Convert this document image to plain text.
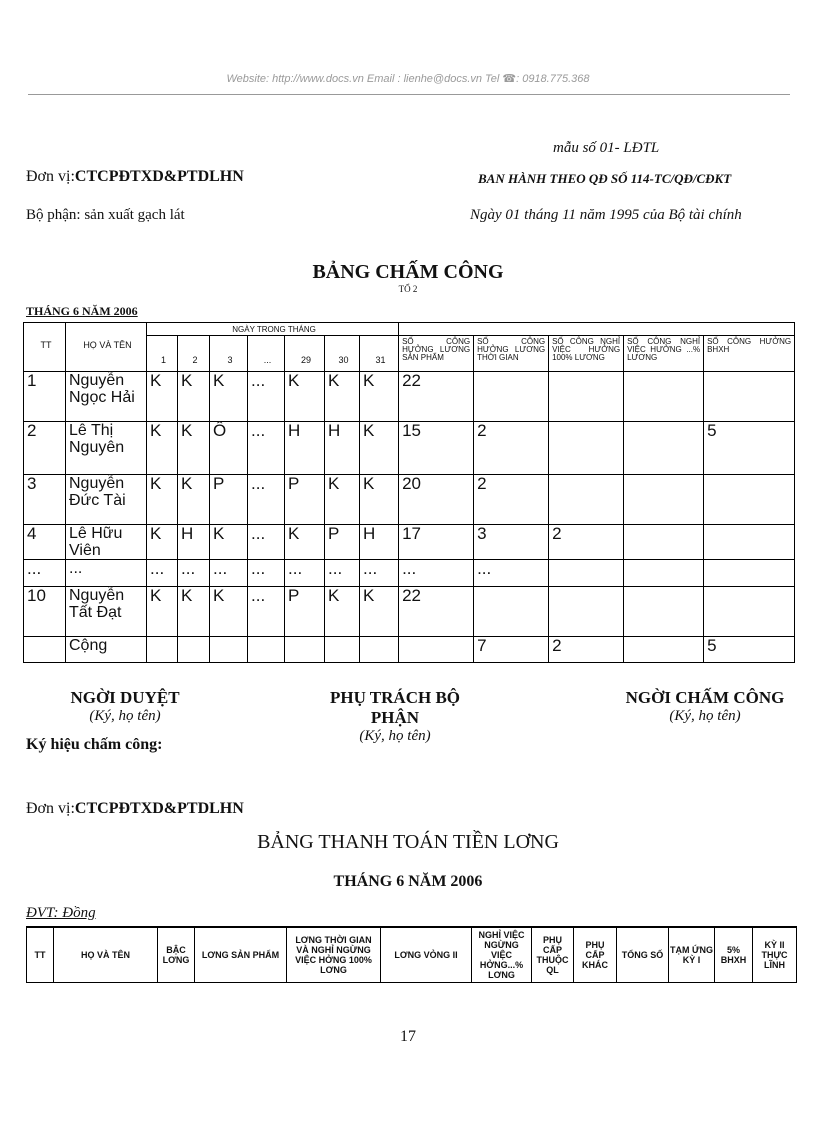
Website: http://www.docs.vn Email : lienhe@docs.vn Tel ☎: 0918.775.368
mẫu số 01- LĐTL
BAN HÀNH THEO QĐ SỐ 114-TC/QĐ/CĐKT
Ngày 01 tháng 11 năm 1995 của Bộ tài chính
Đơn vị:CTCPĐTXD&PTDLHN
Bộ phận: sản xuất gạch lát
BẢNG CHẤM CÔNG
TỔ 2
THÁNG 6 NĂM 2006
TT	HỌ VÀ TÊN	NGÀY TRONG THÁNG											
		1	2	3	...	29	30	31	SỐ CÔNG HƯỞNG LƯƠNG SẢN PHẨM	SỐ CÔNG HƯỞNG LƯƠNG THỜI GIAN	SỐ CÔNG NGHỈ VIỆC HƯỞNG 100% LƯƠNG	SỐ CÔNG NGHỈ VIỆC HƯỞNG ...% LƯƠNG	SỐ CÔNG HƯỞNG BHXH
1	Nguyễn Ngọc Hải	K	K	K	...	K	K	K	22				
2	Lê Thị Nguyên	K	K	Ô	...	H	H	K	15	2			5
3	Nguyễn Đức Tài	K	K	P	...	P	K	K	20	2			
4	Lê Hữu Viên	K	H	K	...	K	P	H	17	3	2		
...	...	...	...	...	...	...	...	...	...	...			
10	Nguyễn Tất Đạt	K	K	K	...	P	K	K	22				
	Cộng									7	2		5
NGỜI DUYỆT
(Ký, họ tên)
PHỤ TRÁCH BỘ PHẬN
(Ký, họ tên)
NGỜI CHẤM CÔNG
(Ký, họ tên)
Ký hiệu chấm công:
Đơn vị:CTCPĐTXD&PTDLHN
BẢNG THANH TOÁN TIỀN LƠNG
THÁNG 6 NĂM 2006
ĐVT: Đồng
TT	HỌ VÀ TÊN	BẬC LƠNG	LƠNG SẢN PHẨM	LƠNG THỜI GIAN VÀ NGHỈ NGỪNG VIỆC HỞNG 100% LƠNG	LƠNG VỎNG II	NGHỈ VIỆC NGỪNG VIỆC HỞNG...% LƠNG	PHỤ CẤP THUỘC QL	PHỤ CẤP KHÁC	TỔNG SỐ	TẠM ỨNG KỲ I	5% BHXH	KỲ II THỰC LĨNH
17
